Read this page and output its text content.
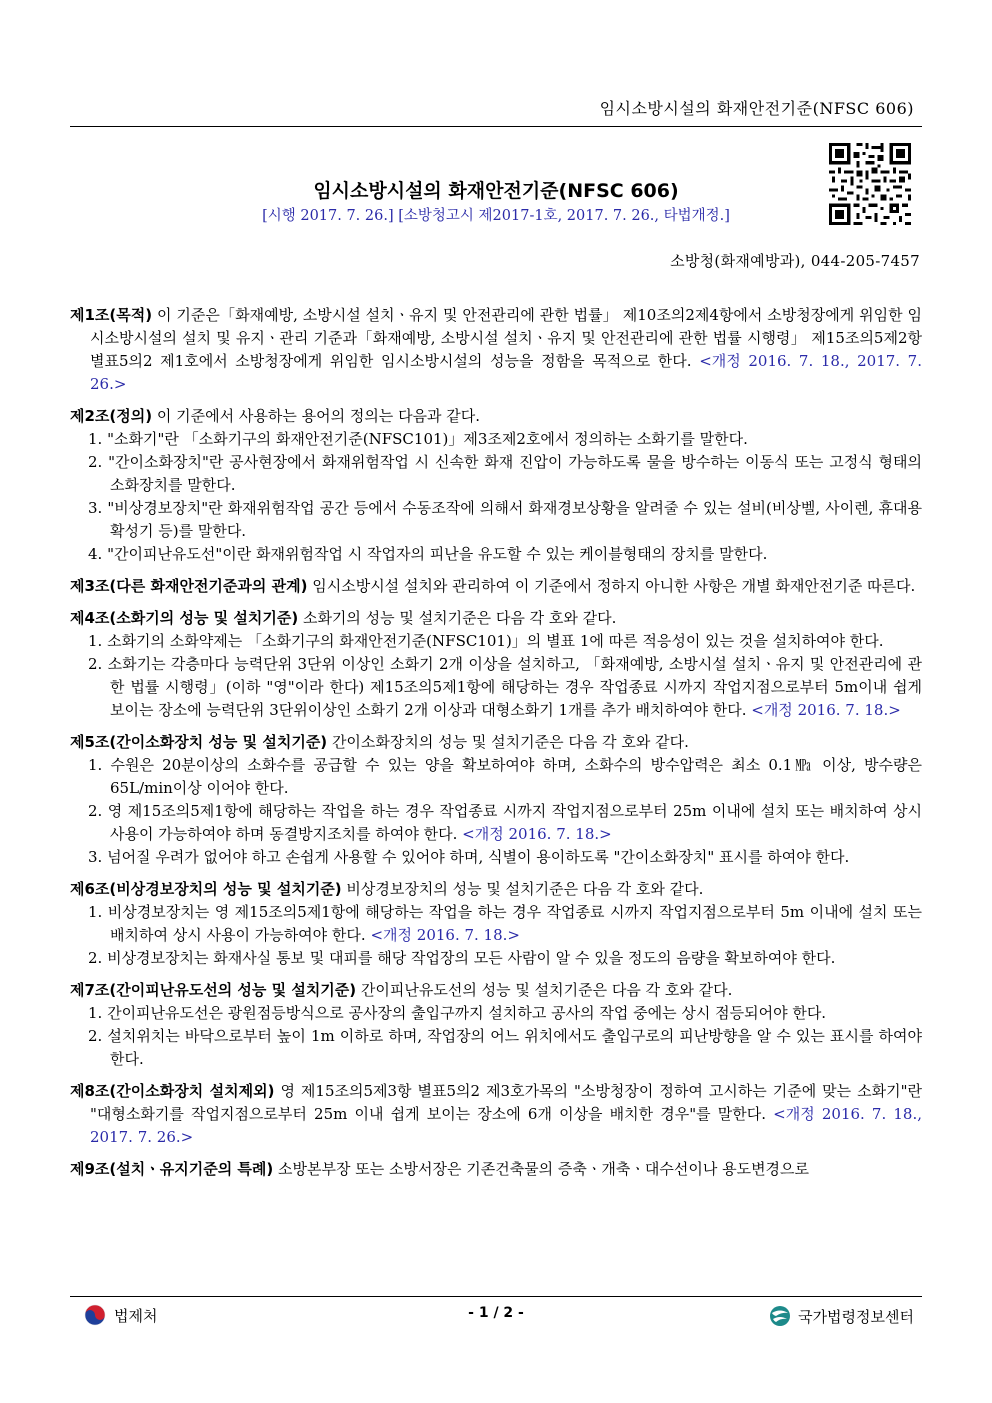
임시소방시설의 화재안전기준(NFSC 606)
임시소방시설의 화재안전기준(NFSC 606)
[시행 2017. 7. 26.] [소방청고시 제2017-1호, 2017. 7. 26., 타법개정.]
소방청(화재예방과), 044-205-7457
제1조(목적) 이 기준은「화재예방, 소방시설 설치ㆍ유지 및 안전관리에 관한 법률」 제10조의2제4항에서 소방청장에게 위임한 임시소방시설의 설치 및 유지ㆍ관리 기준과「화재예방, 소방시설 설치ㆍ유지 및 안전관리에 관한 법률 시행령」 제15조의5제2항 별표5의2 제1호에서 소방청장에게 위임한 임시소방시설의 성능을 정함을 목적으로 한다. <개정 2016. 7. 18., 2017. 7. 26.>
제2조(정의) 이 기준에서 사용하는 용어의 정의는 다음과 같다.
1. "소화기"란 「소화기구의 화재안전기준(NFSC101)」제3조제2호에서 정의하는 소화기를 말한다.
2. "간이소화장치"란 공사현장에서 화재위험작업 시 신속한 화재 진압이 가능하도록 물을 방수하는 이동식 또는 고정식 형태의 소화장치를 말한다.
3. "비상경보장치"란 화재위험작업 공간 등에서 수동조작에 의해서 화재경보상황을 알려줄 수 있는 설비(비상벨, 사이렌, 휴대용확성기 등)를 말한다.
4. "간이피난유도선"이란 화재위험작업 시 작업자의 피난을 유도할 수 있는 케이블형태의 장치를 말한다.
제3조(다른 화재안전기준과의 관계) 임시소방시설 설치와 관리하여 이 기준에서 정하지 아니한 사항은 개별 화재안전기준 따른다.
제4조(소화기의 성능 및 설치기준) 소화기의 성능 및 설치기준은 다음 각 호와 같다.
1. 소화기의 소화약제는 「소화기구의 화재안전기준(NFSC101)」의 별표 1에 따른 적응성이 있는 것을 설치하여야 한다.
2. 소화기는 각층마다 능력단위 3단위 이상인 소화기 2개 이상을 설치하고, 「화재예방, 소방시설 설치ㆍ유지 및 안전관리에 관한 법률 시행령」(이하 "영"이라 한다) 제15조의5제1항에 해당하는 경우 작업종료 시까지 작업지점으로부터 5m이내 쉽게 보이는 장소에 능력단위 3단위이상인 소화기 2개 이상과 대형소화기 1개를 추가 배치하여야 한다. <개정 2016. 7. 18.>
제5조(간이소화장치 성능 및 설치기준) 간이소화장치의 성능 및 설치기준은 다음 각 호와 같다.
1. 수원은 20분이상의 소화수를 공급할 수 있는 양을 확보하여야 하며, 소화수의 방수압력은 최소 0.1㎫ 이상, 방수량은 65L/min이상 이어야 한다.
2. 영 제15조의5제1항에 해당하는 작업을 하는 경우 작업종료 시까지 작업지점으로부터 25m 이내에 설치 또는 배치하여 상시 사용이 가능하여야 하며 동결방지조치를 하여야 한다. <개정 2016. 7. 18.>
3. 넘어질 우려가 없어야 하고 손쉽게 사용할 수 있어야 하며, 식별이 용이하도록 "간이소화장치" 표시를 하여야 한다.
제6조(비상경보장치의 성능 및 설치기준) 비상경보장치의 성능 및 설치기준은 다음 각 호와 같다.
1. 비상경보장치는 영 제15조의5제1항에 해당하는 작업을 하는 경우 작업종료 시까지 작업지점으로부터 5m 이내에 설치 또는 배치하여 상시 사용이 가능하여야 한다. <개정 2016. 7. 18.>
2. 비상경보장치는 화재사실 통보 및 대피를 해당 작업장의 모든 사람이 알 수 있을 정도의 음량을 확보하여야 한다.
제7조(간이피난유도선의 성능 및 설치기준) 간이피난유도선의 성능 및 설치기준은 다음 각 호와 같다.
1. 간이피난유도선은 광원점등방식으로 공사장의 출입구까지 설치하고 공사의 작업 중에는 상시 점등되어야 한다.
2. 설치위치는 바닥으로부터 높이 1m 이하로 하며, 작업장의 어느 위치에서도 출입구로의 피난방향을 알 수 있는 표시를 하여야 한다.
제8조(간이소화장치 설치제외) 영 제15조의5제3항 별표5의2 제3호가목의 "소방청장이 정하여 고시하는 기준에 맞는 소화기"란 "대형소화기를 작업지점으로부터 25m 이내 쉽게 보이는 장소에 6개 이상을 배치한 경우"를 말한다. <개정 2016. 7. 18., 2017. 7. 26.>
제9조(설치ㆍ유지기준의 특례) 소방본부장 또는 소방서장은 기존건축물의 증축ㆍ개축ㆍ대수선이나 용도변경으로
법제처	- 1 / 2 -	국가법령정보센터
